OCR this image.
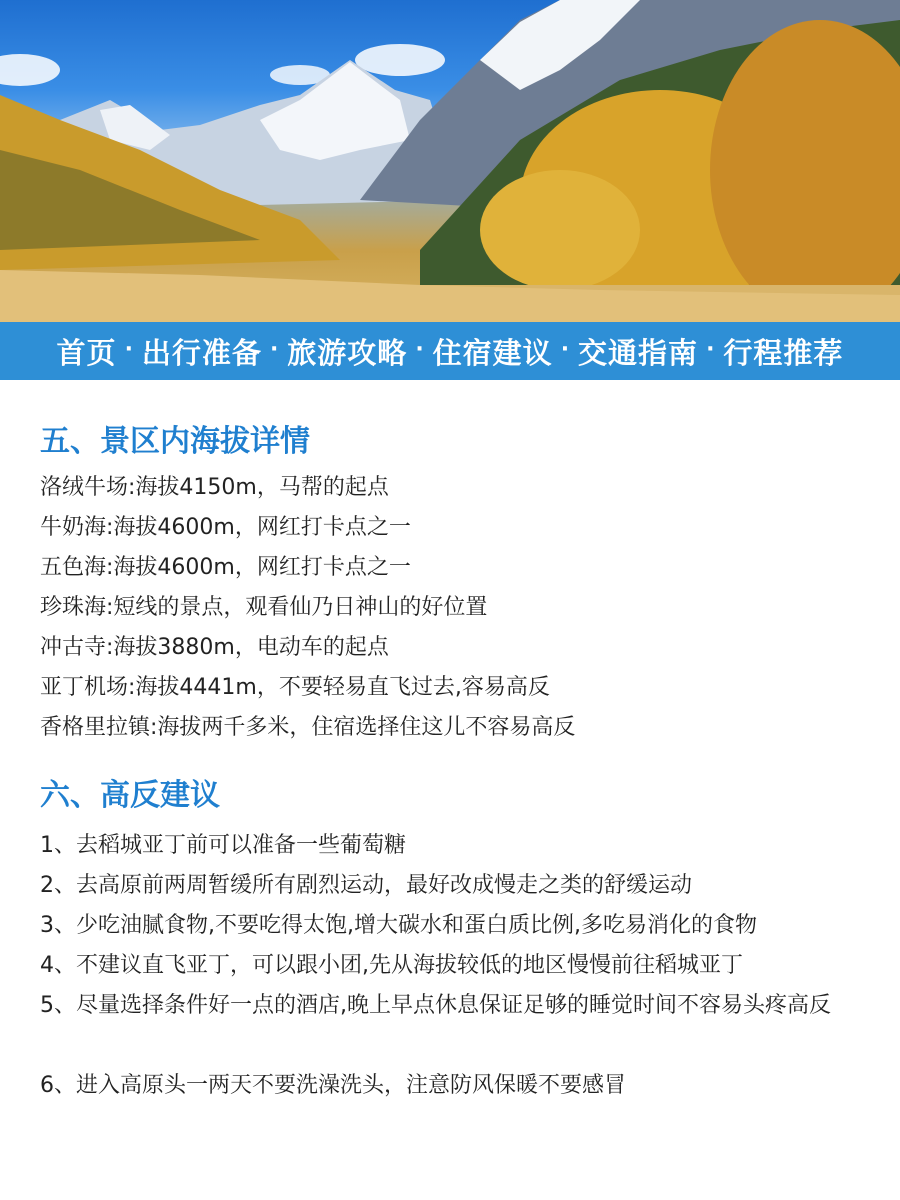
首页 · 出行准备 · 旅游攻略 · 住宿建议 · 交通指南 · 行程推荐
五、景区内海拔详情
洛绒牛场:海拔4150m，马帮的起点
牛奶海:海拔4600m，网红打卡点之一
五色海:海拔4600m，网红打卡点之一
珍珠海:短线的景点，观看仙乃日神山的好位置
冲古寺:海拔3880m，电动车的起点
亚丁机场:海拔4441m，不要轻易直飞过去,容易高反
香格里拉镇:海拔两千多米，住宿选择住这儿不容易高反
六、高反建议
1、去稻城亚丁前可以准备一些葡萄糖
2、去高原前两周暂缓所有剧烈运动，最好改成慢走之类的舒缓运动
3、少吃油腻食物,不要吃得太饱,增大碳水和蛋白质比例,多吃易消化的食物
4、不建议直飞亚丁，可以跟小团,先从海拔较低的地区慢慢前往稻城亚丁
5、尽量选择条件好一点的酒店,晚上早点休息保证足够的睡觉时间不容易头疼高反
6、进入高原头一两天不要洗澡洗头，注意防风保暖不要感冒
